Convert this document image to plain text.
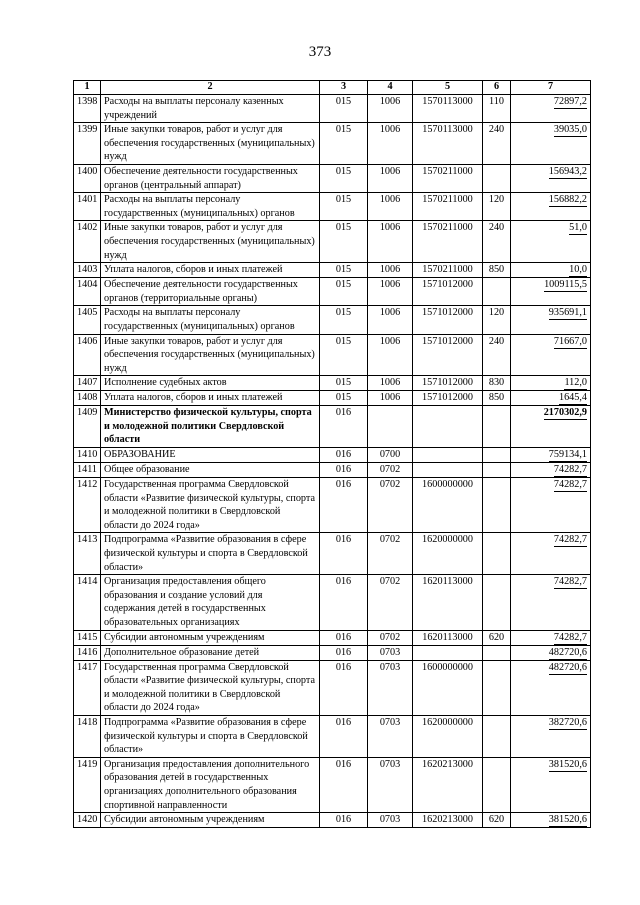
373
1	2	3	4	5	6	7
1398	Расходы на выплаты персоналу казенных учреждений	015	1006	1570113000	110	72897,2
1399	Иные закупки товаров, работ и услуг для обеспечения государственных (муниципальных) нужд	015	1006	1570113000	240	39035,0
1400	Обеспечение деятельности государственных органов (центральный аппарат)	015	1006	1570211000		156943,2
1401	Расходы на выплаты персоналу государственных (муниципальных) органов	015	1006	1570211000	120	156882,2
1402	Иные закупки товаров, работ и услуг для обеспечения государственных (муниципальных) нужд	015	1006	1570211000	240	51,0
1403	Уплата налогов, сборов и иных платежей	015	1006	1570211000	850	10,0
1404	Обеспечение деятельности государственных органов (территориальные органы)	015	1006	1571012000		1009115,5
1405	Расходы на выплаты персоналу государственных (муниципальных) органов	015	1006	1571012000	120	935691,1
1406	Иные закупки товаров, работ и услуг для обеспечения государственных (муниципальных) нужд	015	1006	1571012000	240	71667,0
1407	Исполнение судебных актов	015	1006	1571012000	830	112,0
1408	Уплата налогов, сборов и иных платежей	015	1006	1571012000	850	1645,4
1409	Министерство физической культуры, спорта и молодежной политики Свердловской области	016				2170302,9
1410	ОБРАЗОВАНИЕ	016	0700			759134,1
1411	Общее образование	016	0702			74282,7
1412	Государственная программа Свердловской области «Развитие физической культуры, спорта и молодежной политики в Свердловской области до 2024 года»	016	0702	1600000000		74282,7
1413	Подпрограмма «Развитие образования в сфере физической культуры и спорта в Свердловской области»	016	0702	1620000000		74282,7
1414	Организация предоставления общего образования и создание условий для содержания детей в государственных образовательных организациях	016	0702	1620113000		74282,7
1415	Субсидии автономным учреждениям	016	0702	1620113000	620	74282,7
1416	Дополнительное образование детей	016	0703			482720,6
1417	Государственная программа Свердловской области «Развитие физической культуры, спорта и молодежной политики в Свердловской области до 2024 года»	016	0703	1600000000		482720,6
1418	Подпрограмма «Развитие образования в сфере физической культуры и спорта в Свердловской области»	016	0703	1620000000		382720,6
1419	Организация предоставления дополнительного образования детей в государственных организациях дополнительного образования спортивной направленности	016	0703	1620213000		381520,6
1420	Субсидии автономным учреждениям	016	0703	1620213000	620	381520,6
